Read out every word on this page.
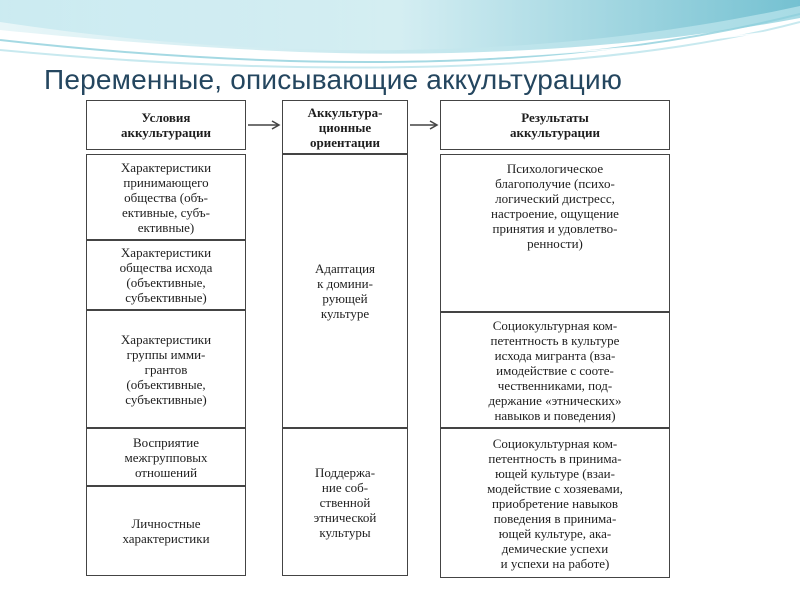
Переменные, описывающие аккультурацию
Условия
аккультурации
Характеристики
принимающего
общества (объ-
ективные, субъ-
ективные)
Характеристики
общества исхода
(объективные,
субъективные)
Характеристики
группы имми-
грантов
(объективные,
субъективные)
Восприятие
межгрупповых
отношений
Личностные
характеристики
Аккультура-
ционные
ориентации
Адаптация
к домини-
рующей
культуре
Поддержа-
ние соб-
ственной
этнической
культуры
Результаты
аккультурации
Психологическое
благополучие (психо-
логический дистресс,
настроение, ощущение
принятия и удовлетво-
ренности)
Социокультурная ком-
петентность в культуре
исхода мигранта (вза-
имодействие с соотe-
чественниками, под-
держание «этнических»
навыков и поведения)
Социокультурная ком-
петентность в принима-
ющей культуре (взаи-
модействие с хозяевами,
приобретение навыков
поведения в принима-
ющей культуре, ака-
демические успехи
и успехи на работе)
